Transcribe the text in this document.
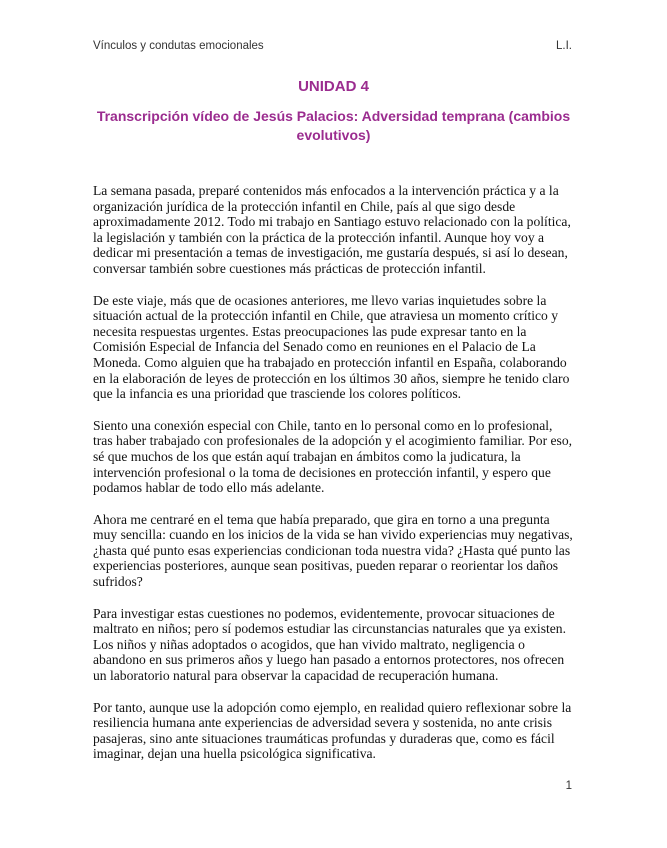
Vínculos y condutas emocionales	L.I.
UNIDAD 4
Transcripción vídeo de Jesús Palacios: Adversidad temprana (cambios evolutivos)

La semana pasada, preparé contenidos más enfocados a la intervención práctica y a la organización jurídica de la protección infantil en Chile, país al que sigo desde aproximadamente 2012. Todo mi trabajo en Santiago estuvo relacionado con la política, la legislación y también con la práctica de la protección infantil. Aunque hoy voy a dedicar mi presentación a temas de investigación, me gustaría después, si así lo desean, conversar también sobre cuestiones más prácticas de protección infantil.

De este viaje, más que de ocasiones anteriores, me llevo varias inquietudes sobre la situación actual de la protección infantil en Chile, que atraviesa un momento crítico y necesita respuestas urgentes. Estas preocupaciones las pude expresar tanto en la Comisión Especial de Infancia del Senado como en reuniones en el Palacio de La Moneda. Como alguien que ha trabajado en protección infantil en España, colaborando en la elaboración de leyes de protección en los últimos 30 años, siempre he tenido claro que la infancia es una prioridad que trasciende los colores políticos.

Siento una conexión especial con Chile, tanto en lo personal como en lo profesional, tras haber trabajado con profesionales de la adopción y el acogimiento familiar. Por eso, sé que muchos de los que están aquí trabajan en ámbitos como la judicatura, la intervención profesional o la toma de decisiones en protección infantil, y espero que podamos hablar de todo ello más adelante.

Ahora me centraré en el tema que había preparado, que gira en torno a una pregunta muy sencilla: cuando en los inicios de la vida se han vivido experiencias muy negativas, ¿hasta qué punto esas experiencias condicionan toda nuestra vida? ¿Hasta qué punto las experiencias posteriores, aunque sean positivas, pueden reparar o reorientar los daños sufridos?

Para investigar estas cuestiones no podemos, evidentemente, provocar situaciones de maltrato en niños; pero sí podemos estudiar las circunstancias naturales que ya existen. Los niños y niñas adoptados o acogidos, que han vivido maltrato, negligencia o abandono en sus primeros años y luego han pasado a entornos protectores, nos ofrecen un laboratorio natural para observar la capacidad de recuperación humana.

Por tanto, aunque use la adopción como ejemplo, en realidad quiero reflexionar sobre la resiliencia humana ante experiencias de adversidad severa y sostenida, no ante crisis pasajeras, sino ante situaciones traumáticas profundas y duraderas que, como es fácil imaginar, dejan una huella psicológica significativa.

1
